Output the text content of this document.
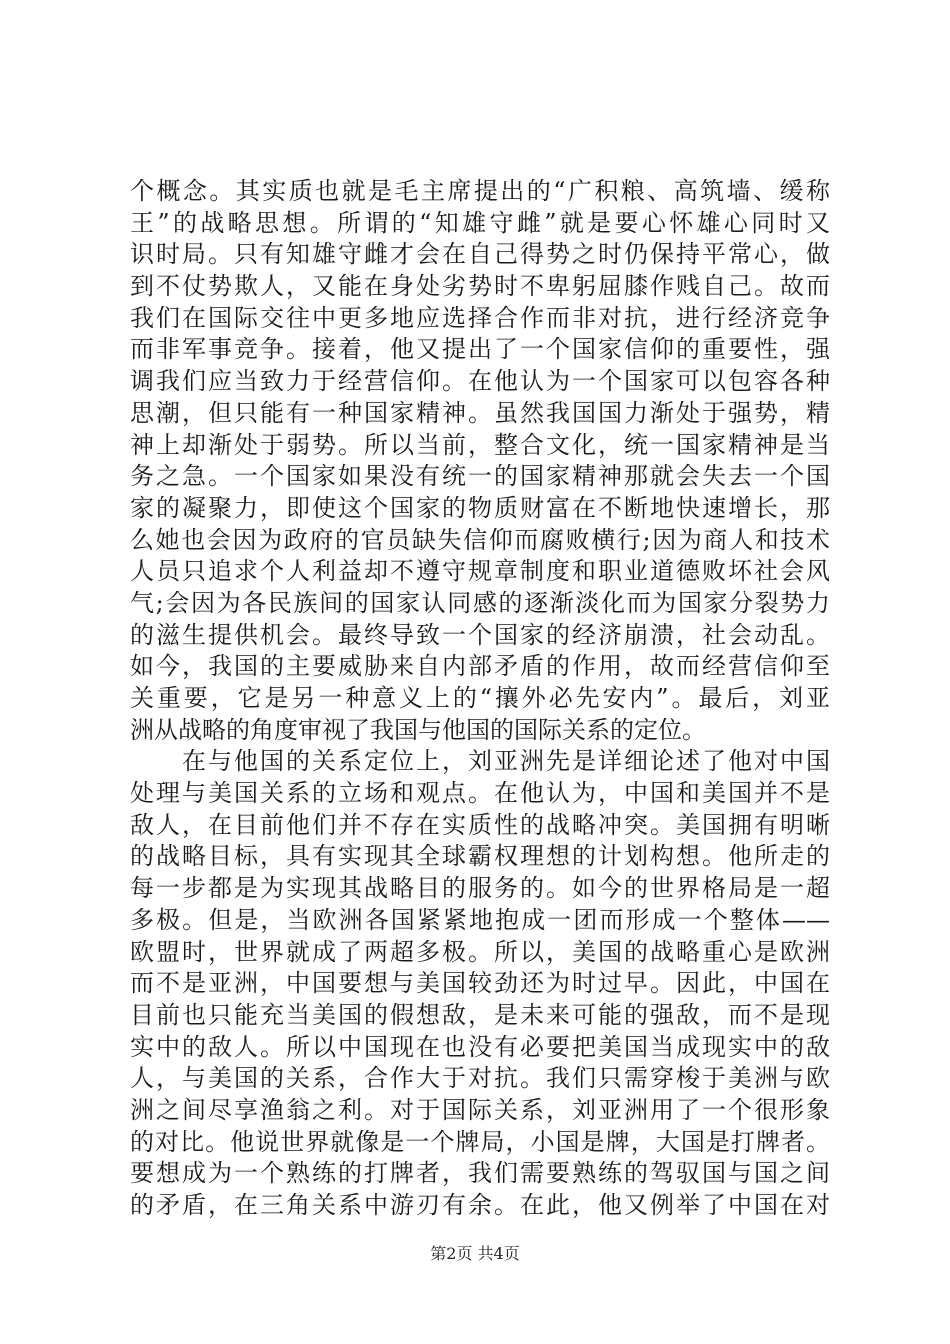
个概念。其实质也就是毛主席提出的“广积粮、高筑墙、缓称
王”的战略思想。所谓的“知雄守雌”就是要心怀雄心同时又
识时局。只有知雄守雌才会在自己得势之时仍保持平常心，做
到不仗势欺人，又能在身处劣势时不卑躬屈膝作贱自己。故而
我们在国际交往中更多地应选择合作而非对抗，进行经济竞争
而非军事竞争。接着，他又提出了一个国家信仰的重要性，强
调我们应当致力于经营信仰。在他认为一个国家可以包容各种
思潮，但只能有一种国家精神。虽然我国国力渐处于强势，精
神上却渐处于弱势。所以当前，整合文化，统一国家精神是当
务之急。一个国家如果没有统一的国家精神那就会失去一个国
家的凝聚力，即使这个国家的物质财富在不断地快速增长，那
么她也会因为政府的官员缺失信仰而腐败横行;因为商人和技术
人员只追求个人利益却不遵守规章制度和职业道德败坏社会风
气;会因为各民族间的国家认同感的逐渐淡化而为国家分裂势力
的滋生提供机会。最终导致一个国家的经济崩溃，社会动乱。
如今，我国的主要威胁来自内部矛盾的作用，故而经营信仰至
关重要，它是另一种意义上的“攘外必先安内”。最后，刘亚
洲从战略的角度审视了我国与他国的国际关系的定位。
　　在与他国的关系定位上，刘亚洲先是详细论述了他对中国
处理与美国关系的立场和观点。在他认为，中国和美国并不是
敌人，在目前他们并不存在实质性的战略冲突。美国拥有明晰
的战略目标，具有实现其全球霸权理想的计划构想。他所走的
每一步都是为实现其战略目的服务的。如今的世界格局是一超
多极。但是，当欧洲各国紧紧地抱成一团而形成一个整体——
欧盟时，世界就成了两超多极。所以，美国的战略重心是欧洲
而不是亚洲，中国要想与美国较劲还为时过早。因此，中国在
目前也只能充当美国的假想敌，是未来可能的强敌，而不是现
实中的敌人。所以中国现在也没有必要把美国当成现实中的敌
人，与美国的关系，合作大于对抗。我们只需穿梭于美洲与欧
洲之间尽享渔翁之利。对于国际关系，刘亚洲用了一个很形象
的对比。他说世界就像是一个牌局，小国是牌，大国是打牌者。
要想成为一个熟练的打牌者，我们需要熟练的驾驭国与国之间
的矛盾，在三角关系中游刃有余。在此，他又例举了中国在对
第2页 共4页
